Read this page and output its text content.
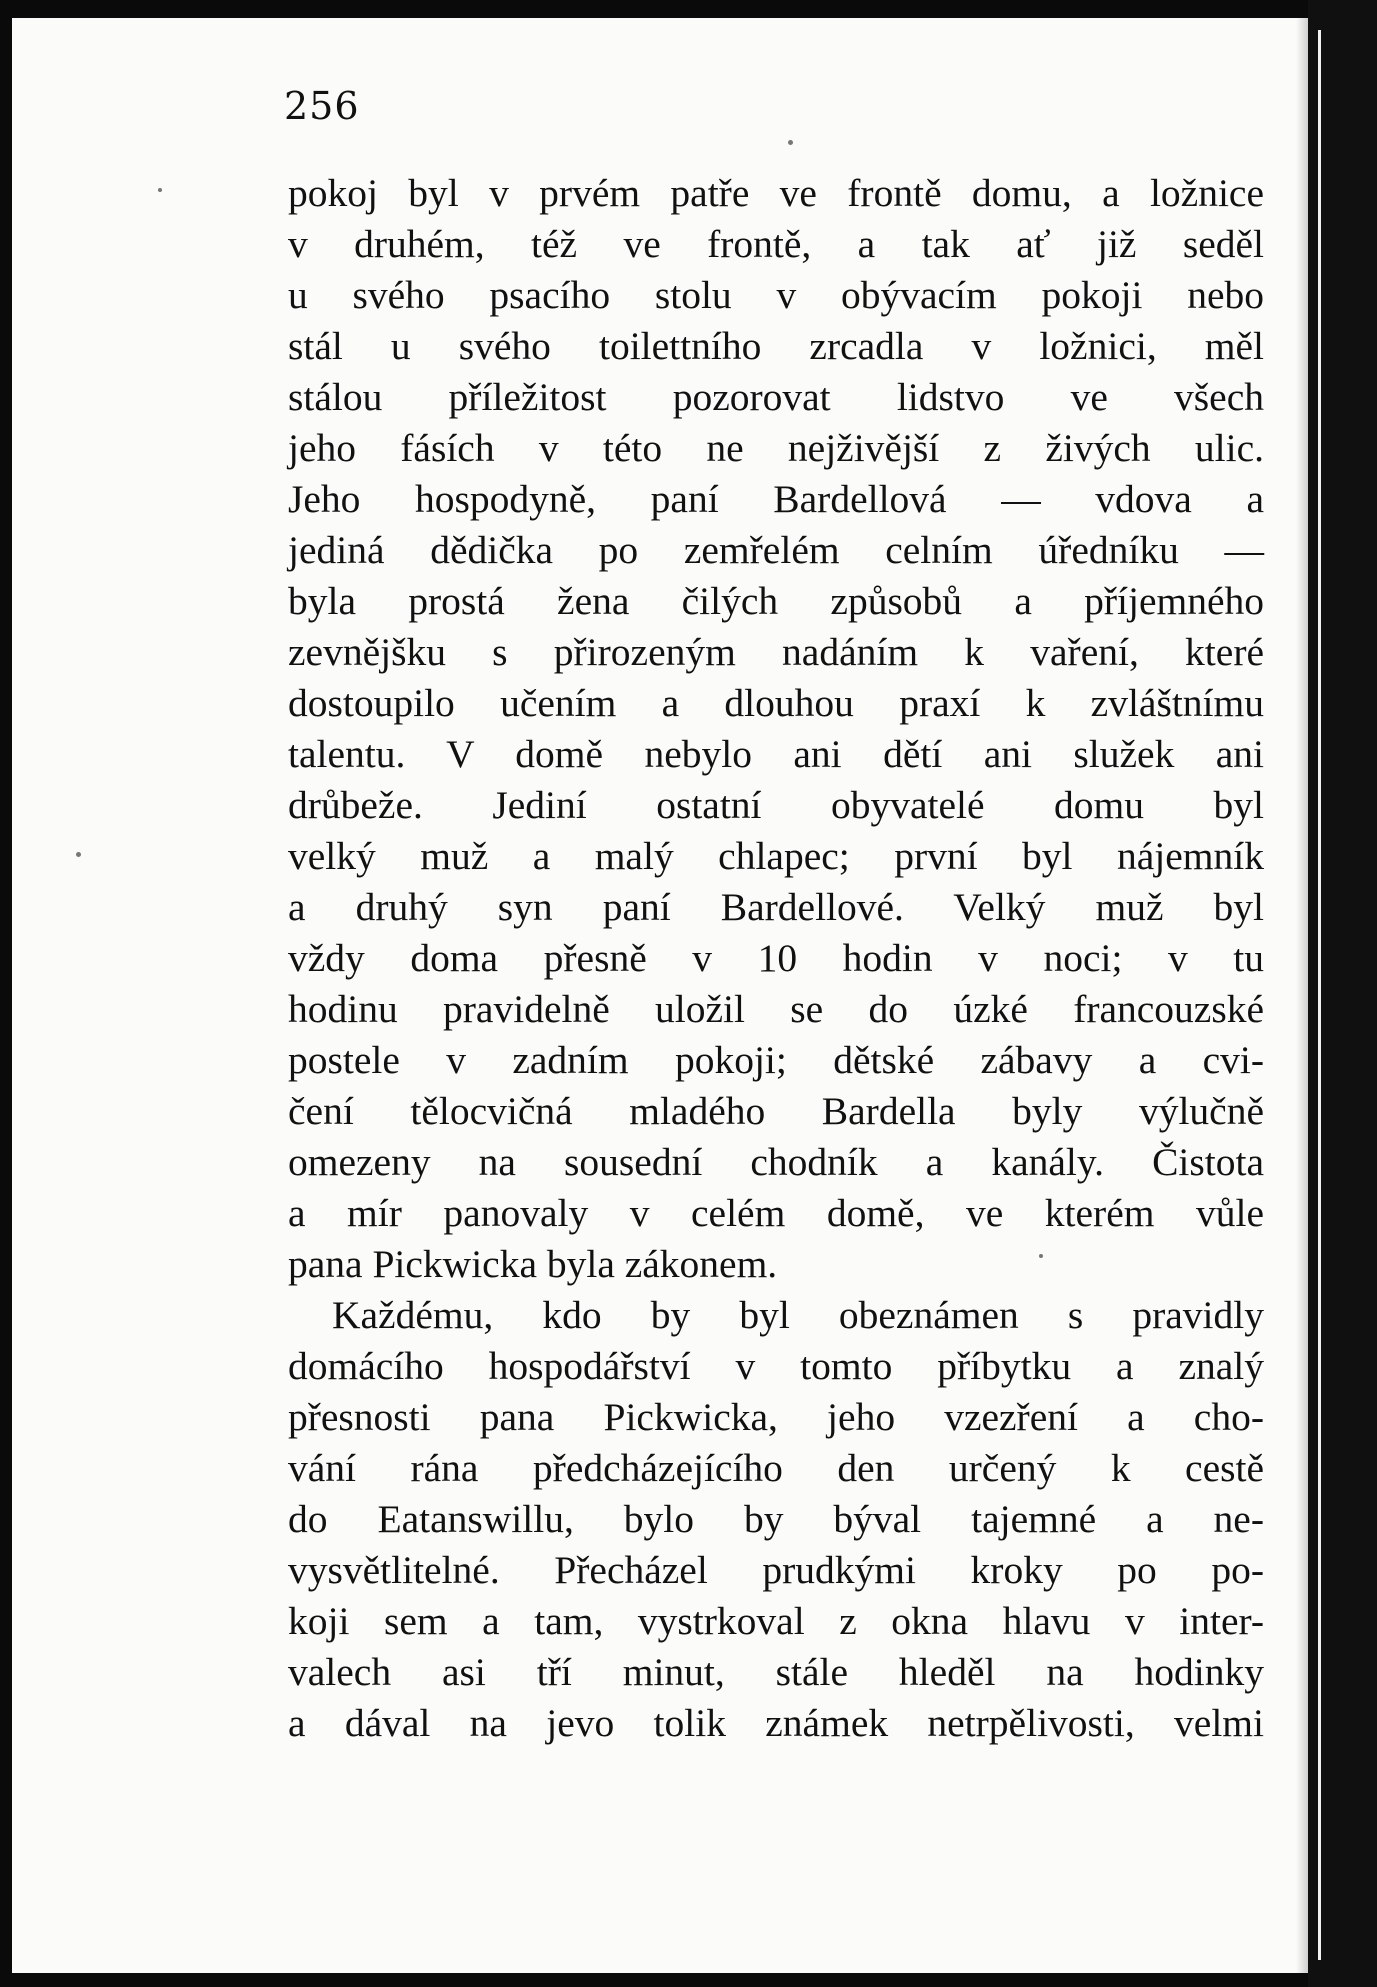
256
pokoj byl v prvém patře ve frontě domu, a ložnice
v druhém, též ve frontě, a tak ať již seděl
u svého psacího stolu v obývacím pokoji nebo
stál u svého toilettního zrcadla v ložnici, měl
stálou příležitost pozorovat lidstvo ve všech
jeho fásích v této ne nejživější z živých ulic.
Jeho hospodyně, paní Bardellová — vdova a
jediná dědička po zemřelém celním úředníku —
byla prostá žena čilých způsobů a příjemného
zevnějšku s přirozeným nadáním k vaření, které
dostoupilo učením a dlouhou praxí k zvláštnímu
talentu. V domě nebylo ani dětí ani služek ani
drůbeže. Jediní ostatní obyvatelé domu byl
velký muž a malý chlapec; první byl nájemník
a druhý syn paní Bardellové. Velký muž byl
vždy doma přesně v 10 hodin v noci; v tu
hodinu pravidelně uložil se do úzké francouzské
postele v zadním pokoji; dětské zábavy a cvi-
čení tělocvičná mladého Bardella byly výlučně
omezeny na sousední chodník a kanály. Čistota
a mír panovaly v celém domě, ve kterém vůle
pana Pickwicka byla zákonem.
Každému, kdo by byl obeznámen s pravidly
domácího hospodářství v tomto příbytku a znalý
přesnosti pana Pickwicka, jeho vzezření a cho-
vání rána předcházejícího den určený k cestě
do Eatanswillu, bylo by býval tajemné a ne-
vysvětlitelné. Přecházel prudkými kroky po po-
koji sem a tam, vystrkoval z okna hlavu v inter-
valech asi tří minut, stále hleděl na hodinky
a dával na jevo tolik známek netrpělivosti, velmi
